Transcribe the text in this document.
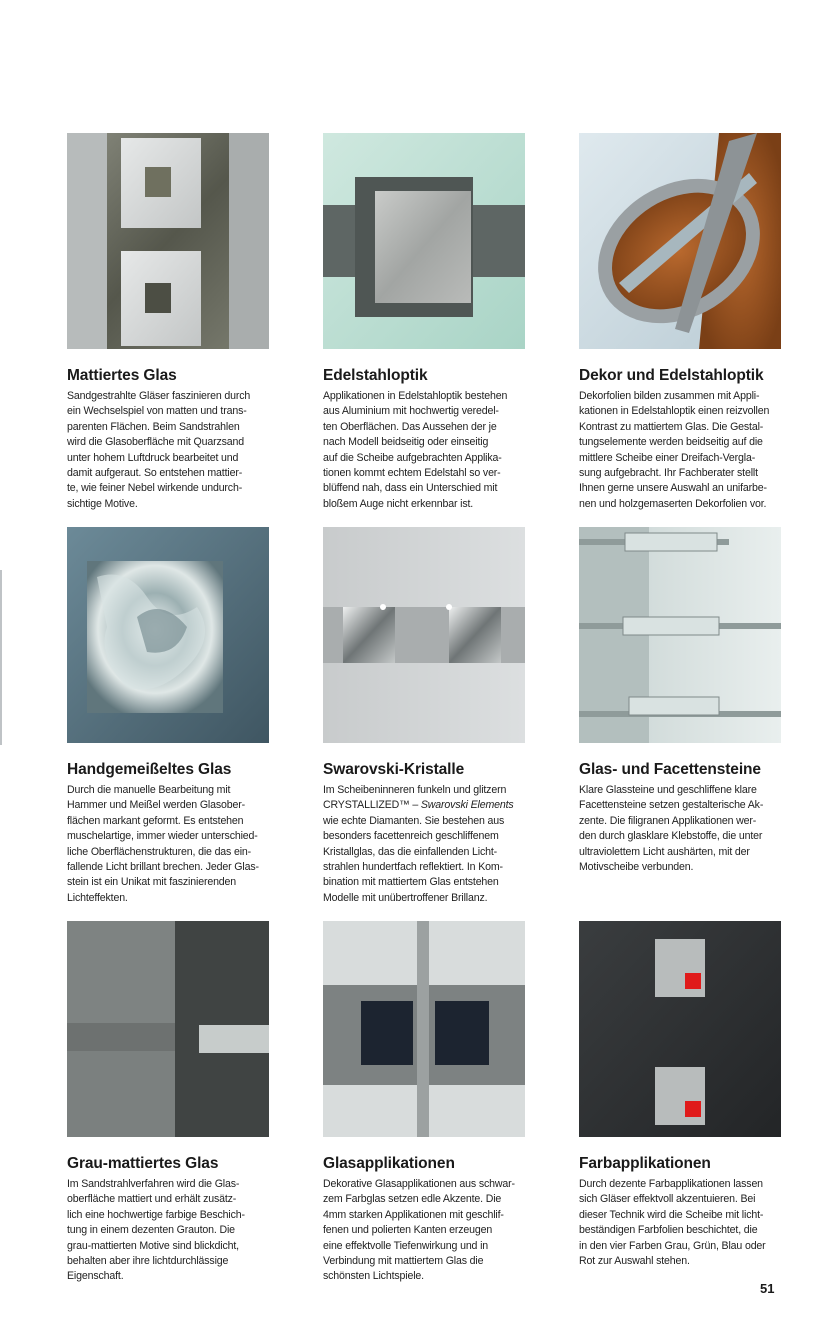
Mattiertes Glas
Sandgestrahlte Gläser faszinieren durch
ein Wechselspiel von matten und trans-
parenten Flächen. Beim Sandstrahlen
wird die Glasoberfläche mit Quarzsand
unter hohem Luftdruck bearbeitet und
damit aufgeraut. So entstehen mattier-
te, wie feiner Nebel wirkende undurch-
sichtige Motive.
Edelstahloptik
Applikationen in Edelstahloptik bestehen
aus Aluminium mit hochwertig veredel-
ten Oberflächen. Das Aussehen der je
nach Modell beidseitig oder einseitig
auf die Scheibe aufgebrachten Applika-
tionen kommt echtem Edelstahl so ver-
blüffend nah, dass ein Unterschied mit
bloßem Auge nicht erkennbar ist.
Dekor und Edelstahloptik
Dekorfolien bilden zusammen mit Appli-
kationen in Edelstahloptik einen reizvollen
Kontrast zu mattiertem Glas. Die Gestal-
tungselemente werden beidseitig auf die
mittlere Scheibe einer Dreifach-Vergla-
sung aufgebracht. Ihr Fachberater stellt
Ihnen gerne unsere Auswahl an unifarbe-
nen und holzgemaserten Dekorfolien vor.
Handgemeißeltes Glas
Durch die manuelle Bearbeitung mit
Hammer und Meißel werden Glasober-
flächen markant geformt. Es entstehen
muschelartige, immer wieder unterschied-
liche Oberflächenstrukturen, die das ein-
fallende Licht brillant brechen. Jeder Glas-
stein ist ein Unikat mit faszinierenden
Lichteffekten.
Swarovski-Kristalle
Im Scheibeninneren funkeln und glitzern
CRYSTALLIZED™ – Swarovski Elements
wie echte Diamanten. Sie bestehen aus
besonders facettenreich geschliffenem
Kristallglas, das die einfallenden Licht-
strahlen hundertfach reflektiert. In Kom-
bination mit mattiertem Glas entstehen
Modelle mit unübertroffener Brillanz.
Glas- und Facettensteine
Klare Glassteine und geschliffene klare
Facettensteine setzen gestalterische Ak-
zente. Die filigranen Applikationen wer-
den durch glasklare Klebstoffe, die unter
ultraviolettem Licht aushärten, mit der
Motivscheibe verbunden.
Grau-mattiertes Glas
Im Sandstrahlverfahren wird die Glas-
oberfläche mattiert und erhält zusätz-
lich eine hochwertige farbige Beschich-
tung in einem dezenten Grauton. Die
grau-mattierten Motive sind blickdicht,
behalten aber ihre lichtdurchlässige
Eigenschaft.
Glasapplikationen
Dekorative Glasapplikationen aus schwar-
zem Farbglas setzen edle Akzente. Die
4mm starken Applikationen mit geschlif-
fenen und polierten Kanten erzeugen
eine effektvolle Tiefenwirkung und in
Verbindung mit mattiertem Glas die
schönsten Lichtspiele.
Farbapplikationen
Durch dezente Farbapplikationen lassen
sich Gläser effektvoll akzentuieren. Bei
dieser Technik wird die Scheibe mit licht-
beständigen Farbfolien beschichtet, die
in den vier Farben Grau, Grün, Blau oder
Rot zur Auswahl stehen.
51
